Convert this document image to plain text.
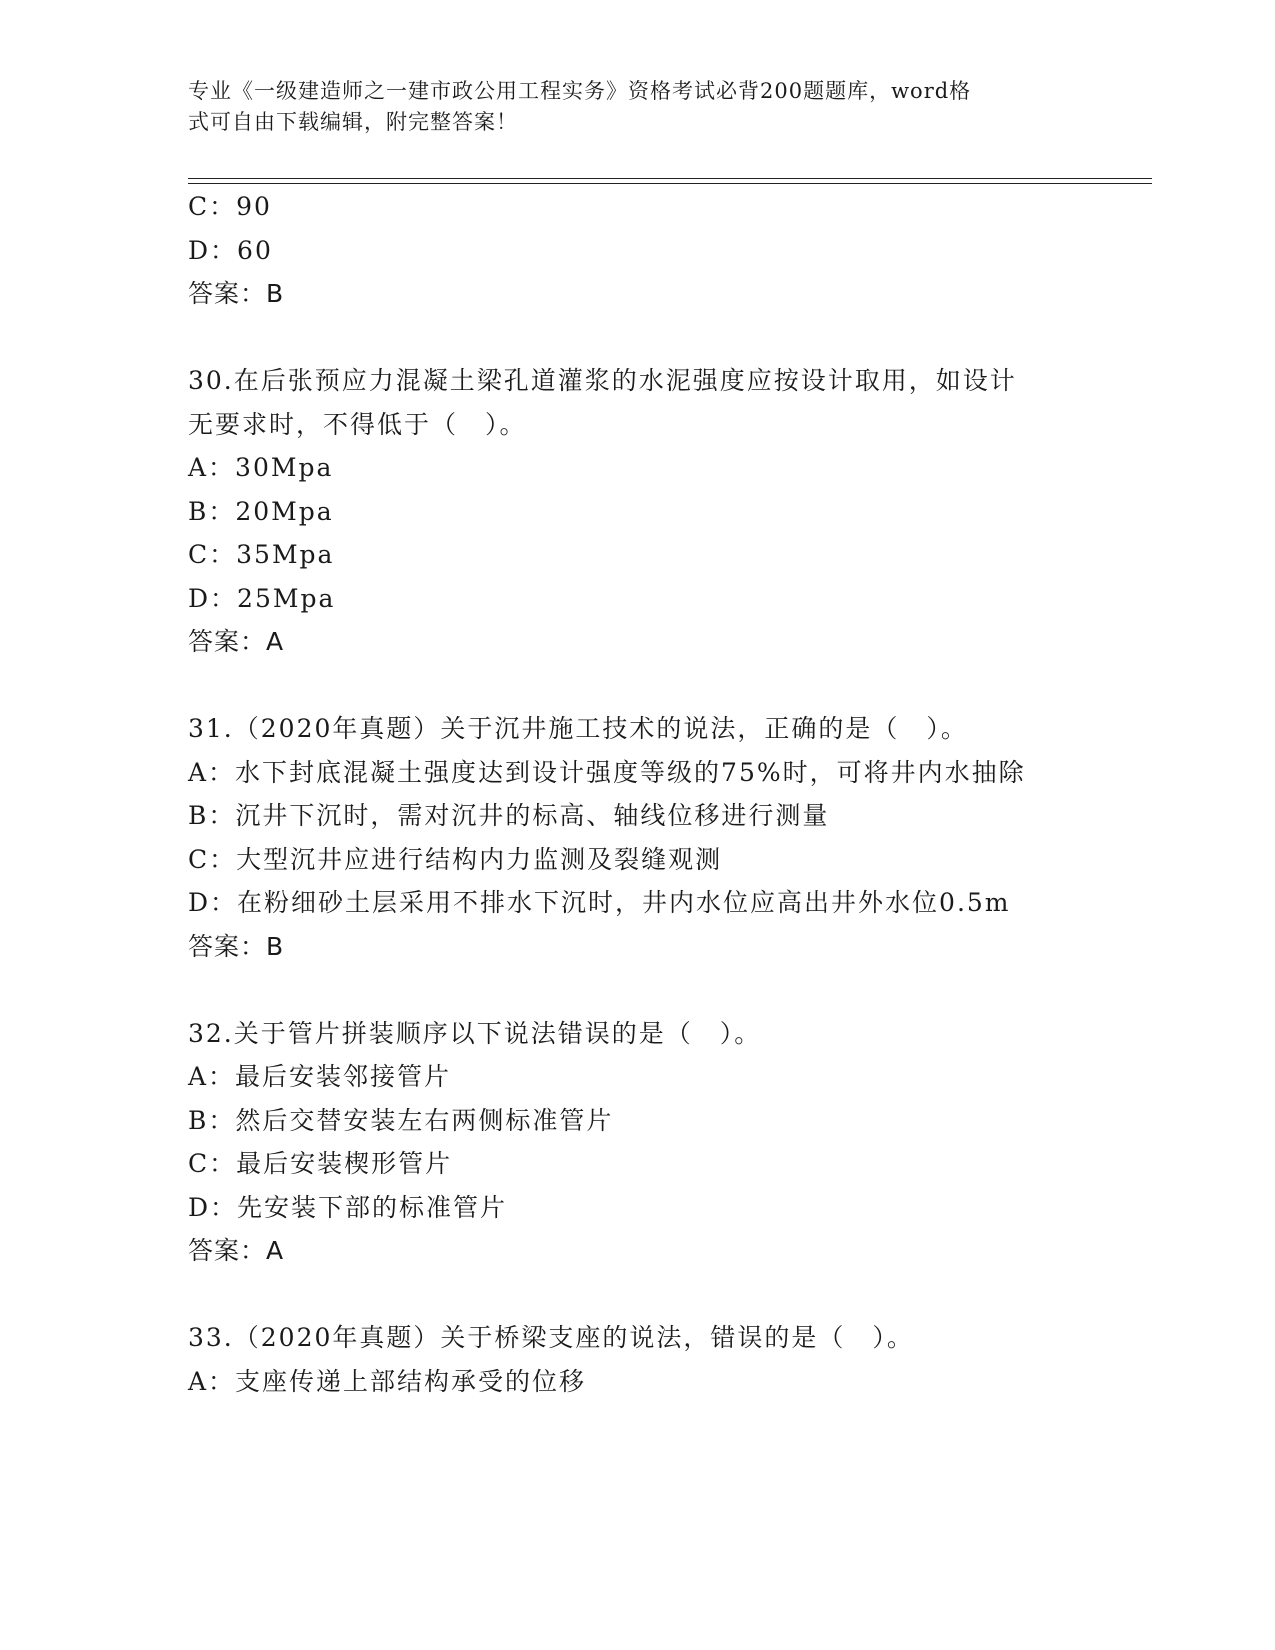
专业《一级建造师之一建市政公用工程实务》资格考试必背200题题库，word格
式可自由下载编辑，附完整答案！
C：90
D：60
答案：B
30.在后张预应力混凝土梁孔道灌浆的水泥强度应按设计取用，如设计
无要求时，不得低于（　）。
A：30Mpa
B：20Mpa
C：35Mpa
D：25Mpa
答案：A
31.（2020年真题）关于沉井施工技术的说法，正确的是（　）。
A：水下封底混凝土强度达到设计强度等级的75%时，可将井内水抽除
B：沉井下沉时，需对沉井的标高、轴线位移进行测量
C：大型沉井应进行结构内力监测及裂缝观测
D：在粉细砂土层采用不排水下沉时，井内水位应高出井外水位0.5m
答案：B
32.关于管片拼装顺序以下说法错误的是（　）。
A：最后安装邻接管片
B：然后交替安装左右两侧标准管片
C：最后安装楔形管片
D：先安装下部的标准管片
答案：A
33.（2020年真题）关于桥梁支座的说法，错误的是（　）。
A：支座传递上部结构承受的位移
